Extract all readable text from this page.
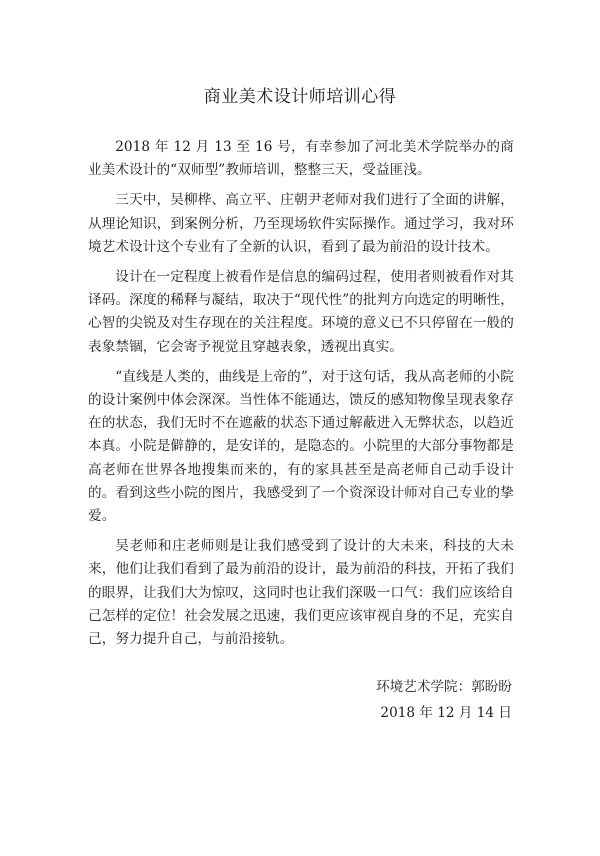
商业美术设计师培训心得

2018 年 12 月 13 至 16 号，有幸参加了河北美术学院举办的商业美术设计的“双师型”教师培训，整整三天，受益匪浅。

三天中，吴柳桦、高立平、庄朝尹老师对我们进行了全面的讲解，从理论知识，到案例分析，乃至现场软件实际操作。通过学习，我对环境艺术设计这个专业有了全新的认识，看到了最为前沿的设计技术。

设计在一定程度上被看作是信息的编码过程，使用者则被看作对其译码。深度的稀释与凝结，取决于“现代性”的批判方向选定的明晰性，心智的尖锐及对生存现在的关注程度。环境的意义已不只停留在一般的表象禁锢，它会寄予视觉且穿越表象，透视出真实。

“直线是人类的，曲线是上帝的”，对于这句话，我从高老师的小院的设计案例中体会深深。当性体不能通达，馈反的感知物像呈现表象存在的状态，我们无时不在遮蔽的状态下通过解蔽进入无弊状态，以趋近本真。小院是僻静的，是安详的，是隐态的。小院里的大部分事物都是高老师在世界各地搜集而来的，有的家具甚至是高老师自己动手设计的。看到这些小院的图片，我感受到了一个资深设计师对自己专业的挚爱。

吴老师和庄老师则是让我们感受到了设计的大未来，科技的大未来，他们让我们看到了最为前沿的设计，最为前沿的科技，开拓了我们的眼界，让我们大为惊叹，这同时也让我们深吸一口气：我们应该给自己怎样的定位！社会发展之迅速，我们更应该审视自身的不足，充实自己，努力提升自己，与前沿接轨。

环境艺术学院：郭盼盼
2018 年 12 月 14 日
